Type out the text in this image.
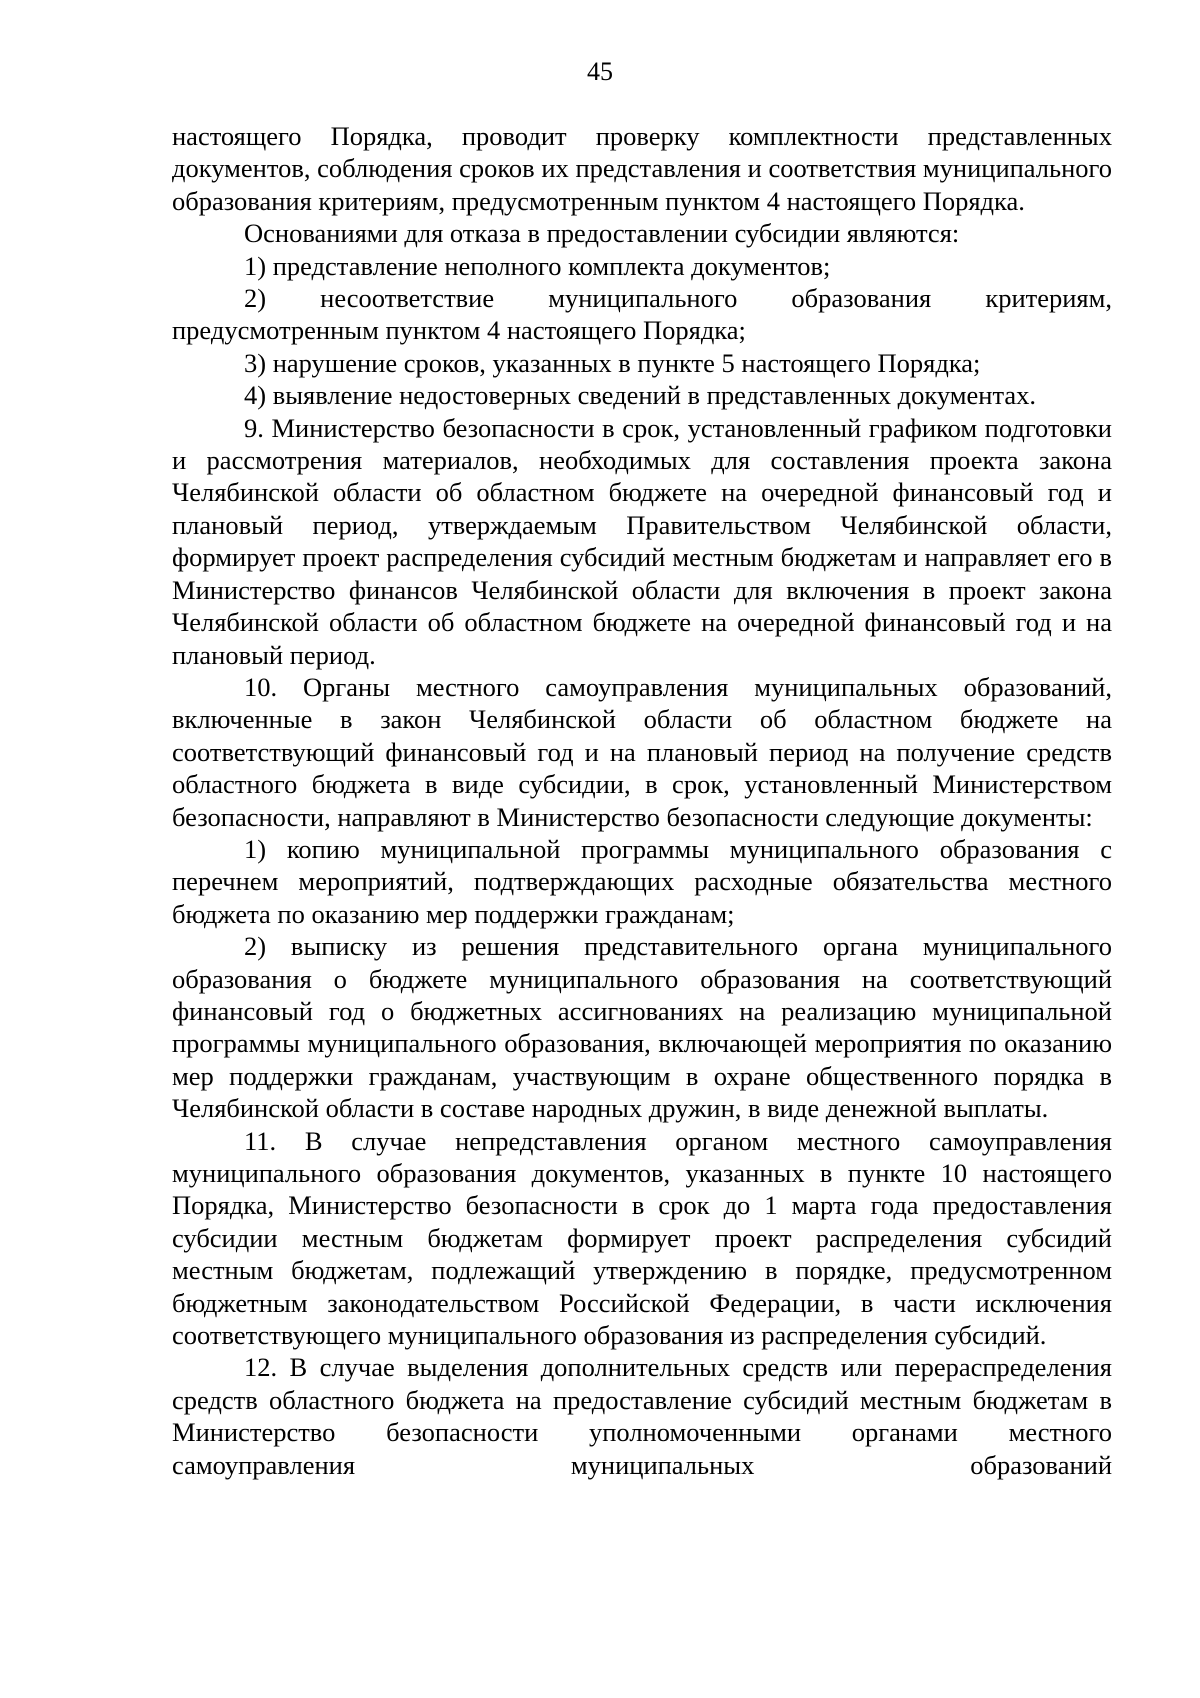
45

настоящего Порядка, проводит проверку комплектности представленных документов, соблюдения сроков их представления и соответствия муниципального образования критериям, предусмотренным пунктом 4 настоящего Порядка.

Основаниями для отказа в предоставлении субсидии являются:

1) представление неполного комплекта документов;

2) несоответствие муниципального образования критериям, предусмотренным пунктом 4 настоящего Порядка;

3) нарушение сроков, указанных в пункте 5 настоящего Порядка;

4) выявление недостоверных сведений в представленных документах.

9. Министерство безопасности в срок, установленный графиком подготовки и рассмотрения материалов, необходимых для составления проекта закона Челябинской области об областном бюджете на очередной финансовый год и плановый период, утверждаемым Правительством Челябинской области, формирует проект распределения субсидий местным бюджетам и направляет его в Министерство финансов Челябинской области для включения в проект закона Челябинской области об областном бюджете на очередной финансовый год и на плановый период.

10. Органы местного самоуправления муниципальных образований, включенные в закон Челябинской области об областном бюджете на соответствующий финансовый год и на плановый период на получение средств областного бюджета в виде субсидии, в срок, установленный Министерством безопасности, направляют в Министерство безопасности следующие документы:

1) копию муниципальной программы муниципального образования с перечнем мероприятий, подтверждающих расходные обязательства местного бюджета по оказанию мер поддержки гражданам;

2) выписку из решения представительного органа муниципального образования о бюджете муниципального образования на соответствующий финансовый год о бюджетных ассигнованиях на реализацию муниципальной программы муниципального образования, включающей мероприятия по оказанию мер поддержки гражданам, участвующим в охране общественного порядка в Челябинской области в составе народных дружин, в виде денежной выплаты.

11. В случае непредставления органом местного самоуправления муниципального образования документов, указанных в пункте 10 настоящего Порядка, Министерство безопасности в срок до 1 марта года предоставления субсидии местным бюджетам формирует проект распределения субсидий местным бюджетам, подлежащий утверждению в порядке, предусмотренном бюджетным законодательством Российской Федерации, в части исключения соответствующего муниципального образования из распределения субсидий.

12. В случае выделения дополнительных средств или перераспределения средств областного бюджета на предоставление субсидий местным бюджетам в Министерство безопасности уполномоченными органами местного самоуправления муниципальных образований
